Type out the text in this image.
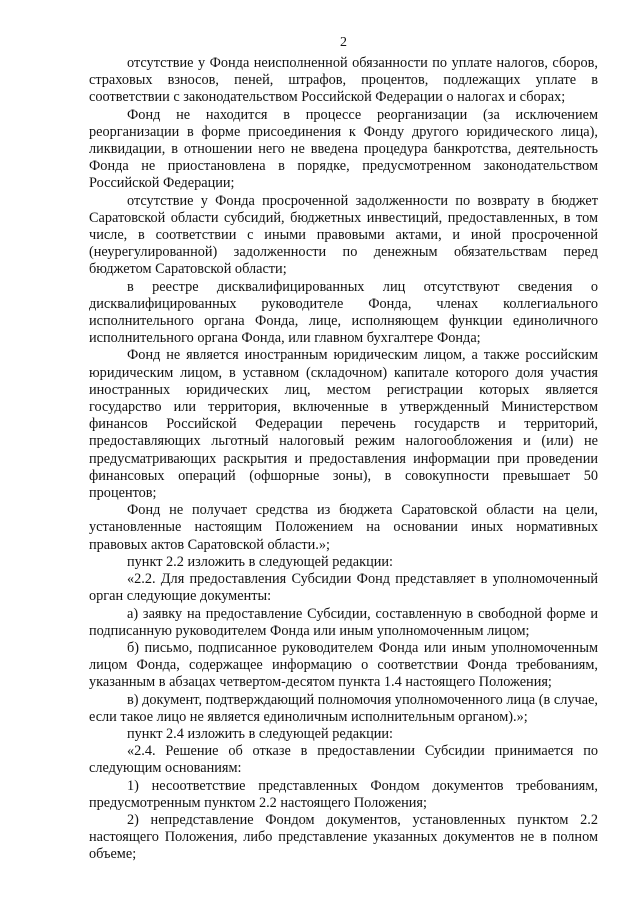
2

отсутствие у Фонда неисполненной обязанности по уплате налогов, сборов, страховых взносов, пеней, штрафов, процентов, подлежащих уплате в соответствии с законодательством Российской Федерации о налогах и сборах;

Фонд не находится в процессе реорганизации (за исключением реорганизации в форме присоединения к Фонду другого юридического лица), ликвидации, в отношении него не введена процедура банкротства, деятельность Фонда не приостановлена в порядке, предусмотренном законодательством Российской Федерации;

отсутствие у Фонда просроченной задолженности по возврату в бюджет Саратовской области субсидий, бюджетных инвестиций, предоставленных, в том числе, в соответствии с иными правовыми актами, и иной просроченной (неурегулированной) задолженности по денежным обязательствам перед бюджетом Саратовской области;

в реестре дисквалифицированных лиц отсутствуют сведения о дисквалифицированных руководителе Фонда, членах коллегиального исполнительного органа Фонда, лице, исполняющем функции единоличного исполнительного органа Фонда, или главном бухгалтере Фонда;

Фонд не является иностранным юридическим лицом, а также российским юридическим лицом, в уставном (складочном) капитале которого доля участия иностранных юридических лиц, местом регистрации которых является государство или территория, включенные в утвержденный Министерством финансов Российской Федерации перечень государств и территорий, предоставляющих льготный налоговый режим налогообложения и (или) не предусматривающих раскрытия и предоставления информации при проведении финансовых операций (офшорные зоны), в совокупности превышает 50 процентов;

Фонд не получает средства из бюджета Саратовской области на цели, установленные настоящим Положением на основании иных нормативных правовых актов Саратовской области.»;

пункт 2.2 изложить в следующей редакции:

«2.2. Для предоставления Субсидии Фонд представляет в уполномоченный орган следующие документы:

а) заявку на предоставление Субсидии, составленную в свободной форме и подписанную руководителем Фонда или иным уполномоченным лицом;

б) письмо, подписанное руководителем Фонда или иным уполномоченным лицом Фонда, содержащее информацию о соответствии Фонда требованиям, указанным в абзацах четвертом-десятом пункта 1.4 настоящего Положения;

в) документ, подтверждающий полномочия уполномоченного лица (в случае, если такое лицо не является единоличным исполнительным органом).»;

пункт 2.4 изложить в следующей редакции:

«2.4. Решение об отказе в предоставлении Субсидии принимается по следующим основаниям:

1) несоответствие представленных Фондом документов требованиям, предусмотренным пунктом 2.2 настоящего Положения;

2) непредставление Фондом документов, установленных пунктом 2.2 настоящего Положения, либо представление указанных документов не в полном объеме;
